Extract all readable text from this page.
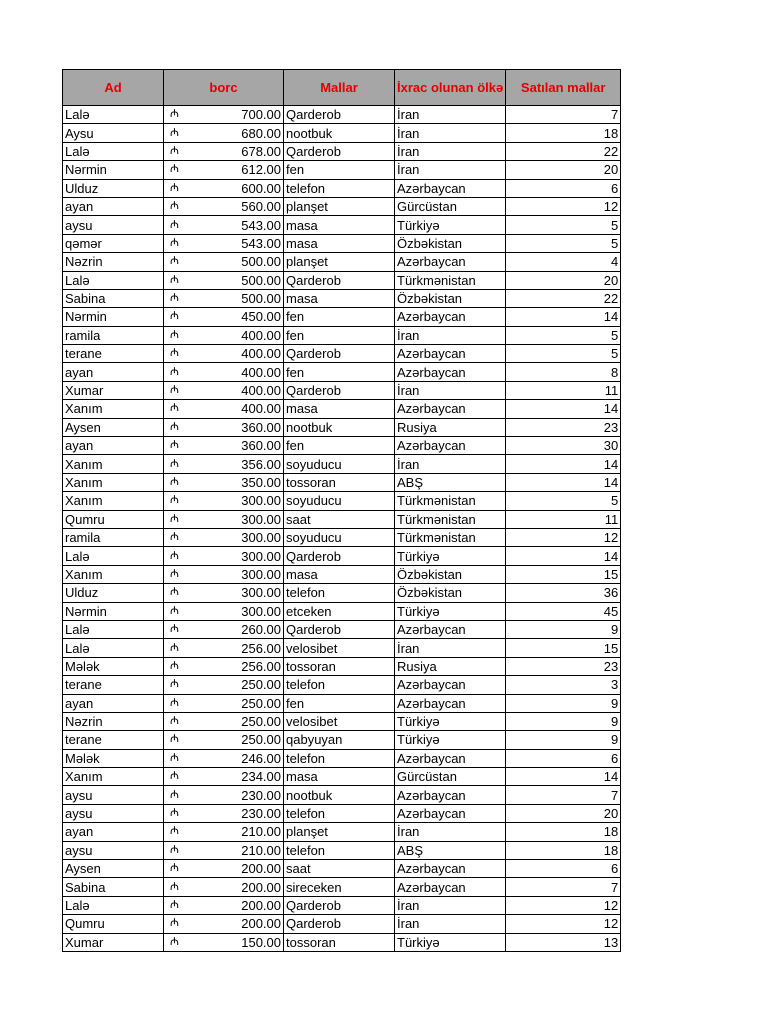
Ad	borc	Mallar	İxrac olunan ölkə	Satılan mallar
Lalə	₼ 700.00	Qarderob	İran	7
Aysu	₼ 680.00	nootbuk	İran	18
Lalə	₼ 678.00	Qarderob	İran	22
Nərmin	₼ 612.00	fen	İran	20
Ulduz	₼ 600.00	telefon	Azərbaycan	6
ayan	₼ 560.00	planşet	Gürcüstan	12
aysu	₼ 543.00	masa	Türkiyə	5
qəmər	₼ 543.00	masa	Özbəkistan	5
Nəzrin	₼ 500.00	planşet	Azərbaycan	4
Lalə	₼ 500.00	Qarderob	Türkmənistan	20
Sabina	₼ 500.00	masa	Özbəkistan	22
Nərmin	₼ 450.00	fen	Azərbaycan	14
ramila	₼ 400.00	fen	İran	5
terane	₼ 400.00	Qarderob	Azərbaycan	5
ayan	₼ 400.00	fen	Azərbaycan	8
Xumar	₼ 400.00	Qarderob	İran	11
Xanım	₼ 400.00	masa	Azərbaycan	14
Aysen	₼ 360.00	nootbuk	Rusiya	23
ayan	₼ 360.00	fen	Azərbaycan	30
Xanım	₼ 356.00	soyuducu	İran	14
Xanım	₼ 350.00	tossoran	ABŞ	14
Xanım	₼ 300.00	soyuducu	Türkmənistan	5
Qumru	₼ 300.00	saat	Türkmənistan	11
ramila	₼ 300.00	soyuducu	Türkmənistan	12
Lalə	₼ 300.00	Qarderob	Türkiyə	14
Xanım	₼ 300.00	masa	Özbəkistan	15
Ulduz	₼ 300.00	telefon	Özbəkistan	36
Nərmin	₼ 300.00	etceken	Türkiyə	45
Lalə	₼ 260.00	Qarderob	Azərbaycan	9
Lalə	₼ 256.00	velosibet	İran	15
Mələk	₼ 256.00	tossoran	Rusiya	23
terane	₼ 250.00	telefon	Azərbaycan	3
ayan	₼ 250.00	fen	Azərbaycan	9
Nəzrin	₼ 250.00	velosibet	Türkiyə	9
terane	₼ 250.00	qabyuyan	Türkiyə	9
Mələk	₼ 246.00	telefon	Azərbaycan	6
Xanım	₼ 234.00	masa	Gürcüstan	14
aysu	₼ 230.00	nootbuk	Azərbaycan	7
aysu	₼ 230.00	telefon	Azərbaycan	20
ayan	₼ 210.00	planşet	İran	18
aysu	₼ 210.00	telefon	ABŞ	18
Aysen	₼ 200.00	saat	Azərbaycan	6
Sabina	₼ 200.00	sireceken	Azərbaycan	7
Lalə	₼ 200.00	Qarderob	İran	12
Qumru	₼ 200.00	Qarderob	İran	12
Xumar	₼ 150.00	tossoran	Türkiyə	13
